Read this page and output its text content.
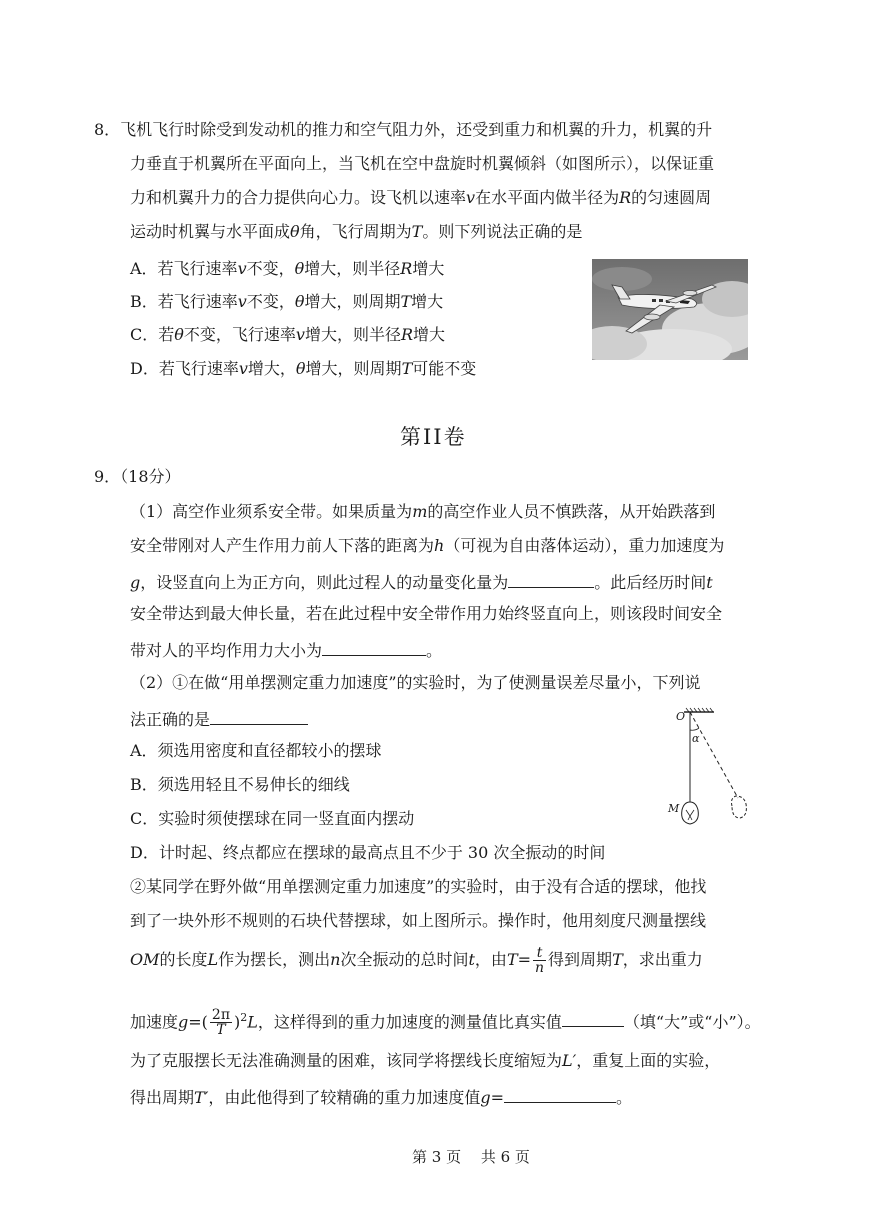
8．飞机飞行时除受到发动机的推力和空气阻力外，还受到重力和机翼的升力，机翼的升
力垂直于机翼所在平面向上，当飞机在空中盘旋时机翼倾斜（如图所示），以保证重
力和机翼升力的合力提供向心力。设飞机以速率v在水平面内做半径为R的匀速圆周
运动时机翼与水平面成θ角，飞行周期为T。则下列说法正确的是
A．若飞行速率v不变，θ增大，则半径R增大
B．若飞行速率v不变，θ增大，则周期T增大
C．若θ不变，飞行速率v增大，则半径R增大
D．若飞行速率v增大，θ增大，则周期T可能不变
第II卷
9．（18分）
（1）高空作业须系安全带。如果质量为m的高空作业人员不慎跌落，从开始跌落到
安全带刚对人产生作用力前人下落的距离为h（可视为自由落体运动），重力加速度为
g，设竖直向上为正方向，则此过程人的动量变化量为	。此后经历时间t
安全带达到最大伸长量，若在此过程中安全带作用力始终竖直向上，则该段时间安全
带对人的平均作用力大小为	。
（2）①在做“用单摆测定重力加速度”的实验时，为了使测量误差尽量小，下列说
法正确的是
A．须选用密度和直径都较小的摆球
B．须选用轻且不易伸长的细线
C．实验时须使摆球在同一竖直面内摆动
D．计时起、终点都应在摆球的最高点且不少于 30 次全振动的时间
O
α
M
②某同学在野外做“用单摆测定重力加速度”的实验时，由于没有合适的摆球，他找
到了一块外形不规则的石块代替摆球，如上图所示。操作时，他用刻度尺测量摆线
OM的长度L作为摆长，测出n次全振动的总时间t，由$T= \frac{t}{n}$ 得到周期T，求出重力
加速度$g=( \frac{2\pi}{T} )^2L$，这样得到的重力加速度的测量值比真实值	（填“大”或“小”）。
为了克服摆长无法准确测量的困难，该同学将摆线长度缩短为L′，重复上面的实验，
得出周期T′，由此他得到了较精确的重力加速度值g=	。
第 3 页　 共 6 页
